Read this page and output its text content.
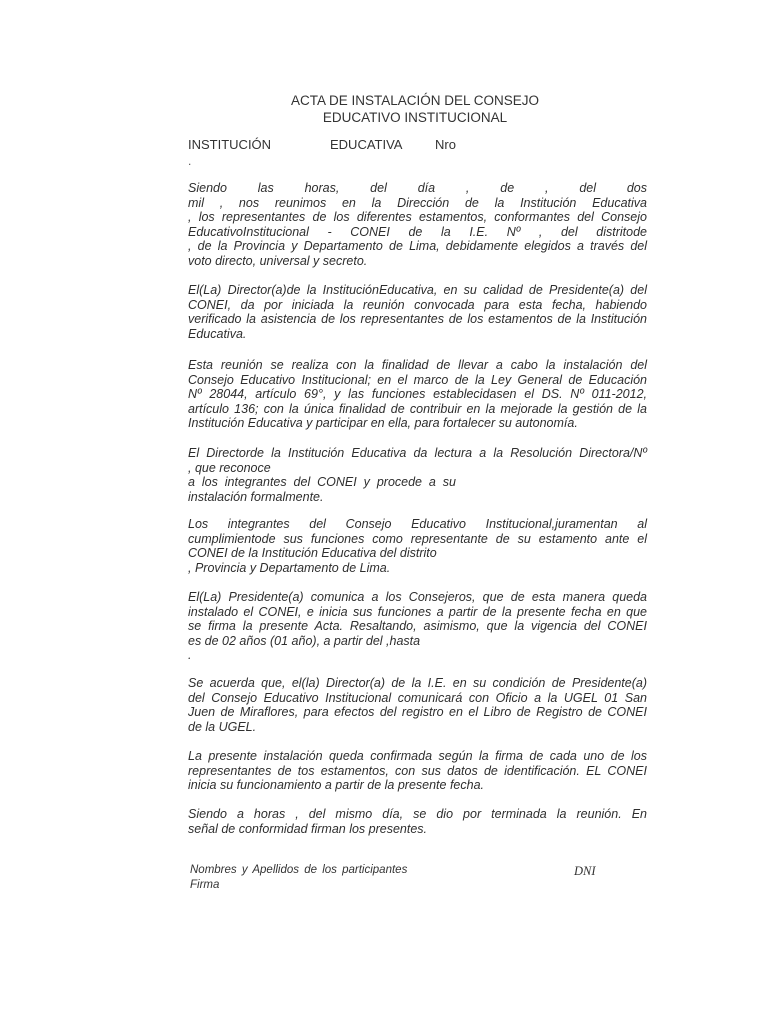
ACTA DE INSTALACIÓN DEL CONSEJO
EDUCATIVO INSTITUCIONAL
INSTITUCIÓN	EDUCATIVA	Nro
.
Siendo las horas, del día , de , del dos
mil , nos reunimos en la Dirección de la Institución Educativa
, los representantes de los diferentes estamentos, conformantes del Consejo
EducativoInstitucional - CONEI de la I.E. Nº , del distritode
, de la Provincia y Departamento de Lima, debidamente elegidos a través del
voto directo, universal y secreto.
El(La) Director(a)de la InstituciónEducativa, en su calidad de Presidente(a) del
CONEI, da por iniciada la reunión convocada para esta fecha, habiendo
verificado la asistencia de los representantes de los estamentos de la Institución
Educativa.
Esta reunión se realiza con la finalidad de llevar a cabo la instalación del
Consejo Educativo Institucional; en el marco de la Ley General de Educación
Nº 28044, artículo 69°, y las funciones establecidasen el DS. Nº 011-2012,
artículo 136; con la única finalidad de contribuir en la mejorade la gestión de la
Institución Educativa y participar en ella, para fortalecer su autonomía.
El Directorde la Institución Educativa da lectura a la Resolución Directora/Nº
, que reconoce
a los integrantes del CONEI y procede a su
instalación formalmente.
Los integrantes del Consejo Educativo Institucional,juramentan al
cumplimientode sus funciones como representante de su estamento ante el
CONEI de la Institución Educativa del distrito
, Provincia y Departamento de Lima.
El(La) Presidente(a) comunica a los Consejeros, que de esta manera queda
instalado el CONEI, e inicia sus funciones a partir de la presente fecha en que
se firma la presente Acta. Resaltando, asimismo, que la vigencia del CONEI
es de 02 años (01 año), a partir del ,hasta
.
Se acuerda que, el(la) Director(a) de la I.E. en su condición de Presidente(a)
del Consejo Educativo Institucional comunicará con Oficio a la UGEL 01 San
Juen de Miraflores, para efectos del registro en el Libro de Registro de CONEI
de la UGEL.
La presente instalación queda confirmada según la firma de cada uno de los
representantes de tos estamentos, con sus datos de identificación. EL CONEI
inicia su funcionamiento a partir de la presente fecha.
Siendo a horas , del mismo día, se dio por terminada la reunión. En
señal de conformidad firman los presentes.
Nombres y Apellidos de los participantes
Firma
DNI
